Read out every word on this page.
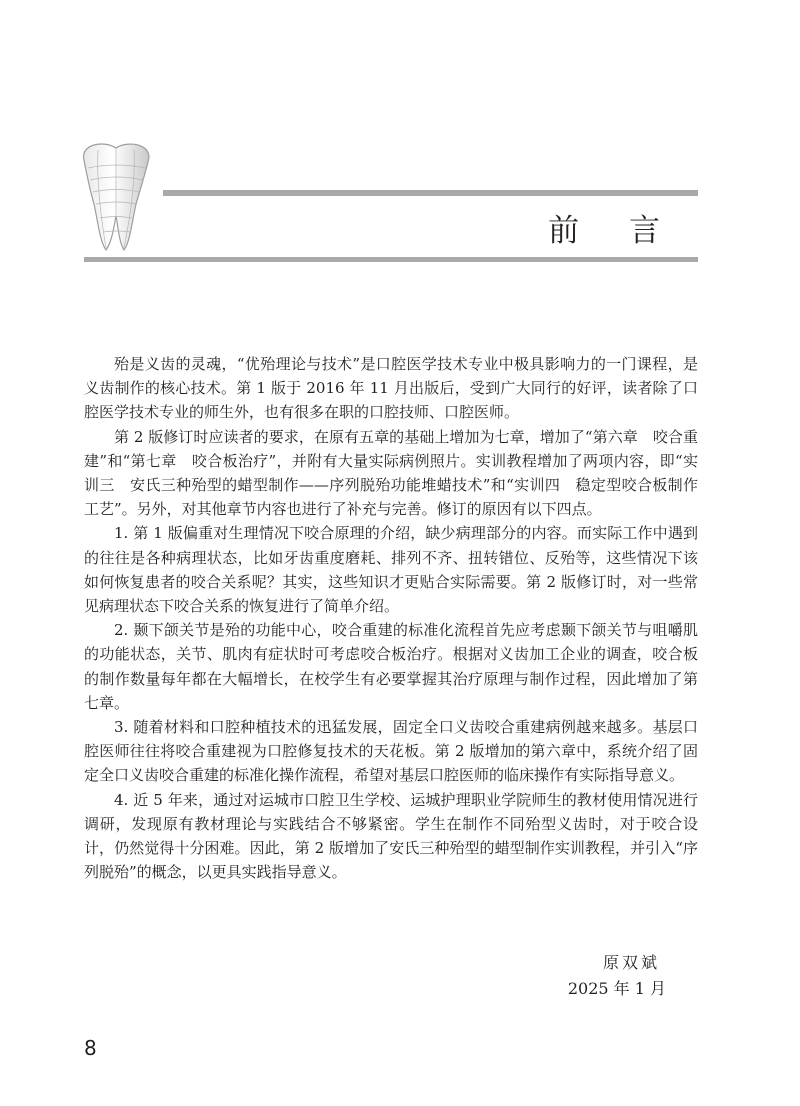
前 言

殆是义齿的灵魂，“优殆理论与技术”是口腔医学技术专业中极具影响力的一门课程，是义齿制作的核心技术。第 1 版于 2016 年 11 月出版后，受到广大同行的好评，读者除了口腔医学技术专业的师生外，也有很多在职的口腔技师、口腔医师。

第 2 版修订时应读者的要求，在原有五章的基础上增加为七章，增加了“第六章　咬合重建”和“第七章　咬合板治疗”，并附有大量实际病例照片。实训教程增加了两项内容，即“实训三　安氏三种殆型的蜡型制作——序列脱殆功能堆蜡技术”和“实训四　稳定型咬合板制作工艺”。另外，对其他章节内容也进行了补充与完善。修订的原因有以下四点。

1. 第 1 版偏重对生理情况下咬合原理的介绍，缺少病理部分的内容。而实际工作中遇到的往往是各种病理状态，比如牙齿重度磨耗、排列不齐、扭转错位、反殆等，这些情况下该如何恢复患者的咬合关系呢？其实，这些知识才更贴合实际需要。第 2 版修订时，对一些常见病理状态下咬合关系的恢复进行了简单介绍。

2. 颞下颌关节是殆的功能中心，咬合重建的标准化流程首先应考虑颞下颌关节与咀嚼肌的功能状态，关节、肌肉有症状时可考虑咬合板治疗。根据对义齿加工企业的调查，咬合板的制作数量每年都在大幅增长，在校学生有必要掌握其治疗原理与制作过程，因此增加了第七章。

3. 随着材料和口腔种植技术的迅猛发展，固定全口义齿咬合重建病例越来越多。基层口腔医师往往将咬合重建视为口腔修复技术的天花板。第 2 版增加的第六章中，系统介绍了固定全口义齿咬合重建的标准化操作流程，希望对基层口腔医师的临床操作有实际指导意义。

4. 近 5 年来，通过对运城市口腔卫生学校、运城护理职业学院师生的教材使用情况进行调研，发现原有教材理论与实践结合不够紧密。学生在制作不同殆型义齿时，对于咬合设计，仍然觉得十分困难。因此，第 2 版增加了安氏三种殆型的蜡型制作实训教程，并引入“序列脱殆”的概念，以更具实践指导意义。

原双斌
2025 年 1 月
8
